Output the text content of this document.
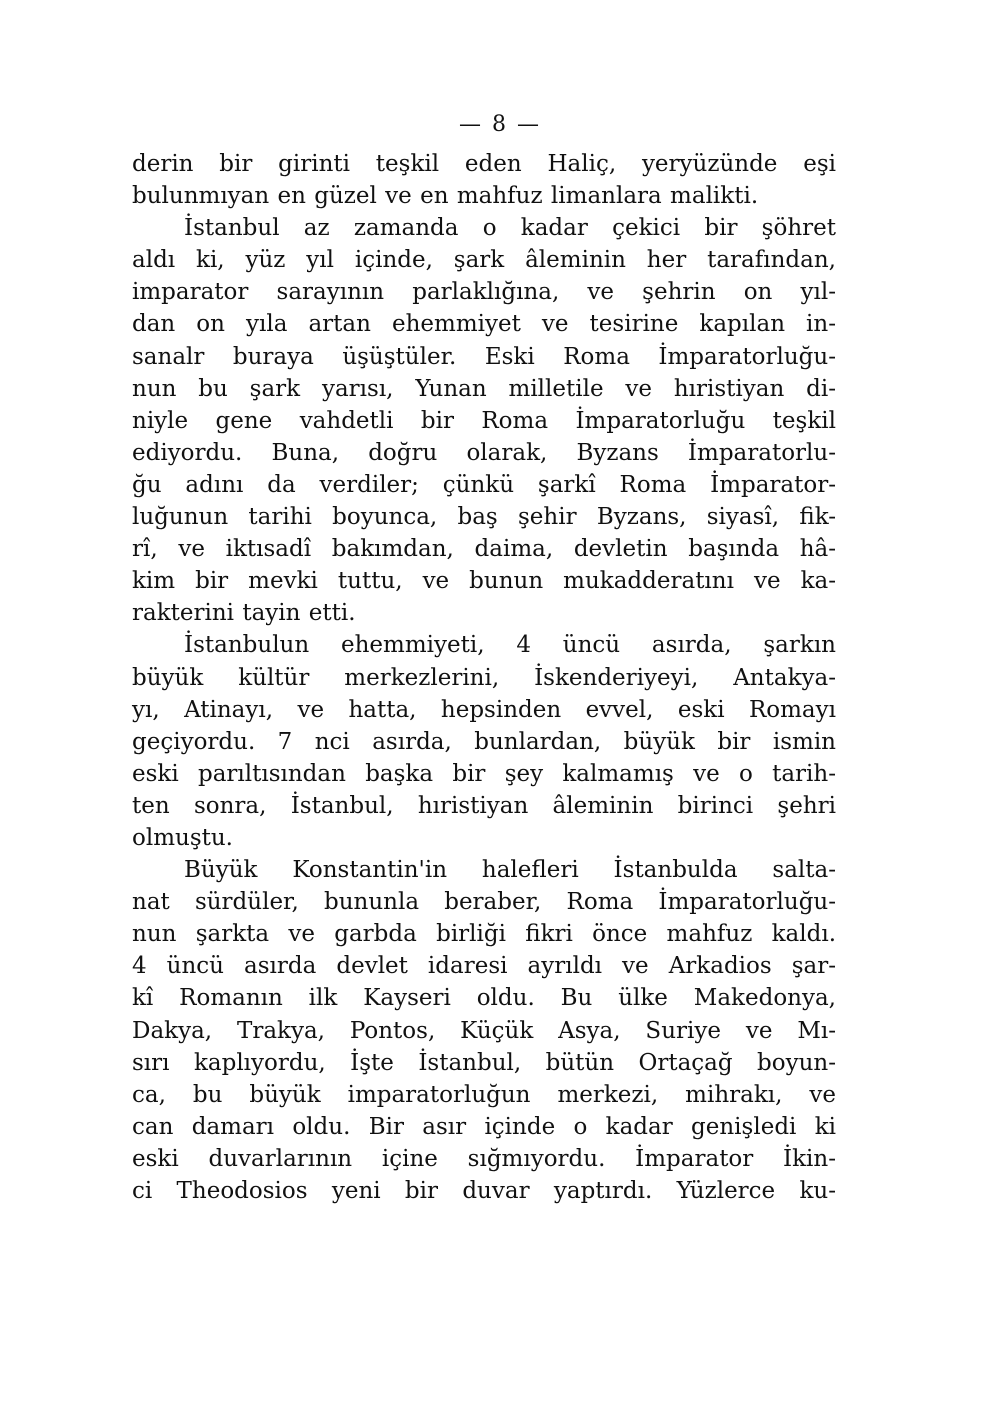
— 8 —
derin bir girinti teşkil eden Haliç, yeryüzünde eşi
bulunmıyan en güzel ve en mahfuz limanlara malikti.
İstanbul az zamanda o kadar çekici bir şöhret
aldı ki, yüz yıl içinde, şark âleminin her tarafından,
imparator sarayının parlaklığına, ve şehrin on yıl-
dan on yıla artan ehemmiyet ve tesirine kapılan in-
sanalr buraya üşüştüler. Eski Roma İmparatorluğu-
nun bu şark yarısı, Yunan milletile ve hıristiyan di-
niyle gene vahdetli bir Roma İmparatorluğu teşkil
ediyordu. Buna, doğru olarak, Byzans İmparatorlu-
ğu adını da verdiler; çünkü şarkî Roma İmparator-
luğunun tarihi boyunca, baş şehir Byzans, siyasî, fik-
rî, ve iktısadî bakımdan, daima, devletin başında hâ-
kim bir mevki tuttu, ve bunun mukadderatını ve ka-
rakterini tayin etti.
İstanbulun ehemmiyeti, 4 üncü asırda, şarkın
büyük kültür merkezlerini, İskenderiyeyi, Antakya-
yı, Atinayı, ve hatta, hepsinden evvel, eski Romayı
geçiyordu. 7 nci asırda, bunlardan, büyük bir ismin
eski parıltısından başka bir şey kalmamış ve o tarih-
ten sonra, İstanbul, hıristiyan âleminin birinci şehri
olmuştu.
Büyük Konstantin'in halefleri İstanbulda salta-
nat sürdüler, bununla beraber, Roma İmparatorluğu-
nun şarkta ve garbda birliği fikri önce mahfuz kaldı.
4 üncü asırda devlet idaresi ayrıldı ve Arkadios şar-
kî Romanın ilk Kayseri oldu. Bu ülke Makedonya,
Dakya, Trakya, Pontos, Küçük Asya, Suriye ve Mı-
sırı kaplıyordu, İşte İstanbul, bütün Ortaçağ boyun-
ca, bu büyük imparatorluğun merkezi, mihrakı, ve
can damarı oldu. Bir asır içinde o kadar genişledi ki
eski duvarlarının içine sığmıyordu. İmparator İkin-
ci Theodosios yeni bir duvar yaptırdı. Yüzlerce ku-
